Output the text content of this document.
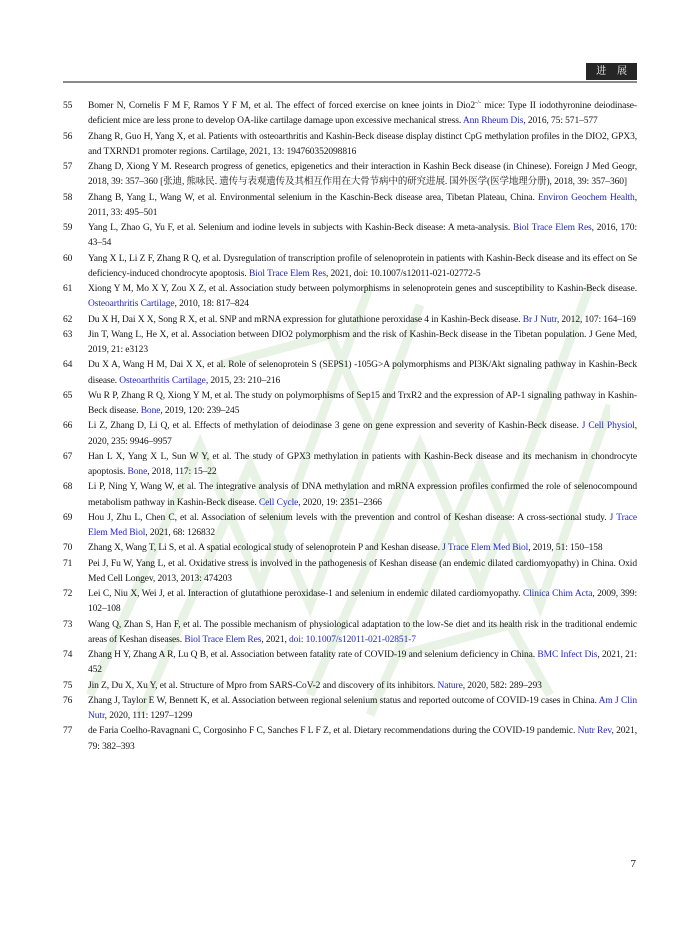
进 展
55	Bomer N, Cornelis F M F, Ramos Y F M, et al. The effect of forced exercise on knee joints in Dio2-/- mice: Type II iodothyronine deiodinase-deficient mice are less prone to develop OA-like cartilage damage upon excessive mechanical stress. Ann Rheum Dis, 2016, 75: 571–577
56	Zhang R, Guo H, Yang X, et al. Patients with osteoarthritis and Kashin-Beck disease display distinct CpG methylation profiles in the DIO2, GPX3, and TXRND1 promoter regions. Cartilage, 2021, 13: 194760352098816
57	Zhang D, Xiong Y M. Research progress of genetics, epigenetics and their interaction in Kashin Beck disease (in Chinese). Foreign J Med Geogr, 2018, 39: 357–360 [张迪, 熊咏民. 遗传与表观遗传及其相互作用在大骨节病中的研究进展. 国外医学(医学地理分册), 2018, 39: 357–360]
58	Zhang B, Yang L, Wang W, et al. Environmental selenium in the Kaschin-Beck disease area, Tibetan Plateau, China. Environ Geochem Health, 2011, 33: 495–501
59	Yang L, Zhao G, Yu F, et al. Selenium and iodine levels in subjects with Kashin-Beck disease: A meta-analysis. Biol Trace Elem Res, 2016, 170: 43–54
60	Yang X L, Li Z F, Zhang R Q, et al. Dysregulation of transcription profile of selenoprotein in patients with Kashin-Beck disease and its effect on Se deficiency-induced chondrocyte apoptosis. Biol Trace Elem Res, 2021, doi: 10.1007/s12011-021-02772-5
61	Xiong Y M, Mo X Y, Zou X Z, et al. Association study between polymorphisms in selenoprotein genes and susceptibility to Kashin-Beck disease. Osteoarthritis Cartilage, 2010, 18: 817–824
62	Du X H, Dai X X, Song R X, et al. SNP and mRNA expression for glutathione peroxidase 4 in Kashin-Beck disease. Br J Nutr, 2012, 107: 164–169
63	Jin T, Wang L, He X, et al. Association between DIO2 polymorphism and the risk of Kashin-Beck disease in the Tibetan population. J Gene Med, 2019, 21: e3123
64	Du X A, Wang H M, Dai X X, et al. Role of selenoprotein S (SEPS1) -105G>A polymorphisms and PI3K/Akt signaling pathway in Kashin-Beck disease. Osteoarthritis Cartilage, 2015, 23: 210–216
65	Wu R P, Zhang R Q, Xiong Y M, et al. The study on polymorphisms of Sep15 and TrxR2 and the expression of AP-1 signaling pathway in Kashin-Beck disease. Bone, 2019, 120: 239–245
66	Li Z, Zhang D, Li Q, et al. Effects of methylation of deiodinase 3 gene on gene expression and severity of Kashin-Beck disease. J Cell Physiol, 2020, 235: 9946–9957
67	Han L X, Yang X L, Sun W Y, et al. The study of GPX3 methylation in patients with Kashin-Beck disease and its mechanism in chondrocyte apoptosis. Bone, 2018, 117: 15–22
68	Li P, Ning Y, Wang W, et al. The integrative analysis of DNA methylation and mRNA expression profiles confirmed the role of selenocompound metabolism pathway in Kashin-Beck disease. Cell Cycle, 2020, 19: 2351–2366
69	Hou J, Zhu L, Chen C, et al. Association of selenium levels with the prevention and control of Keshan disease: A cross-sectional study. J Trace Elem Med Biol, 2021, 68: 126832
70	Zhang X, Wang T, Li S, et al. A spatial ecological study of selenoprotein P and Keshan disease. J Trace Elem Med Biol, 2019, 51: 150–158
71	Pei J, Fu W, Yang L, et al. Oxidative stress is involved in the pathogenesis of Keshan disease (an endemic dilated cardiomyopathy) in China. Oxid Med Cell Longev, 2013, 2013: 474203
72	Lei C, Niu X, Wei J, et al. Interaction of glutathione peroxidase-1 and selenium in endemic dilated cardiomyopathy. Clinica Chim Acta, 2009, 399: 102–108
73	Wang Q, Zhan S, Han F, et al. The possible mechanism of physiological adaptation to the low-Se diet and its health risk in the traditional endemic areas of Keshan diseases. Biol Trace Elem Res, 2021, doi: 10.1007/s12011-021-02851-7
74	Zhang H Y, Zhang A R, Lu Q B, et al. Association between fatality rate of COVID-19 and selenium deficiency in China. BMC Infect Dis, 2021, 21: 452
75	Jin Z, Du X, Xu Y, et al. Structure of Mpro from SARS-CoV-2 and discovery of its inhibitors. Nature, 2020, 582: 289–293
76	Zhang J, Taylor E W, Bennett K, et al. Association between regional selenium status and reported outcome of COVID-19 cases in China. Am J Clin Nutr, 2020, 111: 1297–1299
77	de Faria Coelho-Ravagnani C, Corgosinho F C, Sanches F L F Z, et al. Dietary recommendations during the COVID-19 pandemic. Nutr Rev, 2021, 79: 382–393
7
